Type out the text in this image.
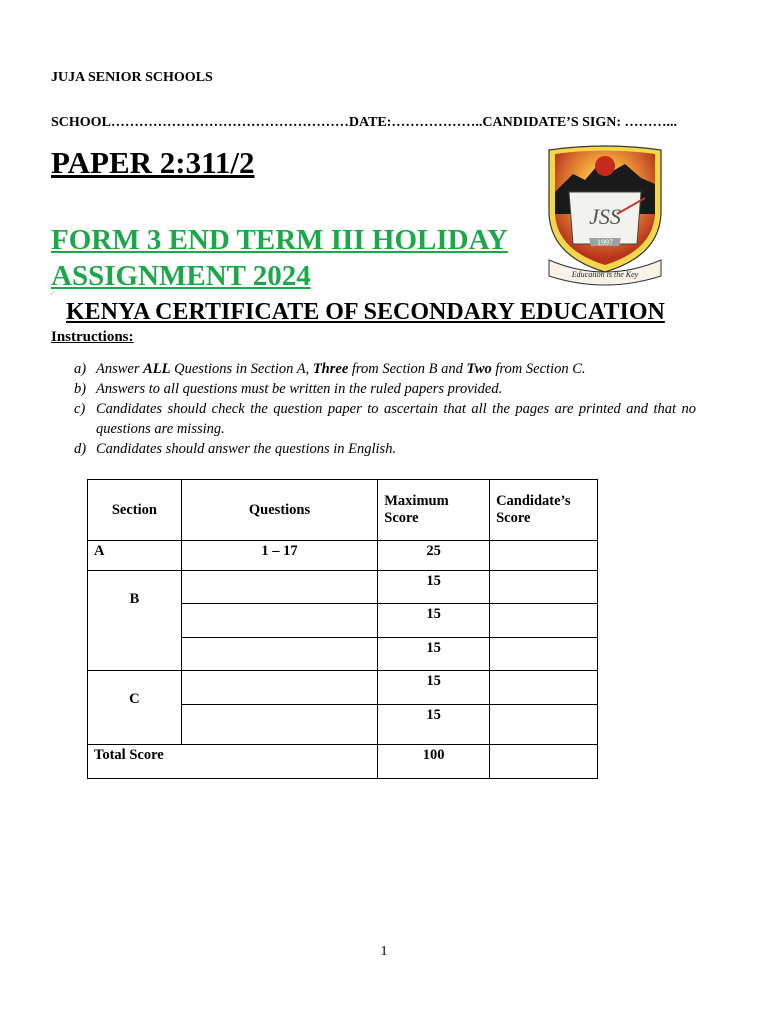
JUJA SENIOR SCHOOLS
SCHOOL……………………………………………DATE:………………..CANDIDATE’S SIGN: ………...
PAPER 2:311/2
FORM 3 END TERM III HOLIDAY ASSIGNMENT 2024
·˙
KENYA CERTIFICATE OF SECONDARY EDUCATION
JSS
1997
Education is the Key
Instructions:
a) Answer ALL Questions in Section A, Three from Section B and Two from Section C.
b) Answers to all questions must be written in the ruled papers provided.
c) Candidates should check the question paper to ascertain that all the pages are printed and that no questions are missing.
d) Candidates should answer the questions in English.
Section	Questions	Maximum Score	Candidate’s Score
A	1 – 17	25	
B		15	
		15	
		15	
C		15	
		15	
Total Score		100	
1
